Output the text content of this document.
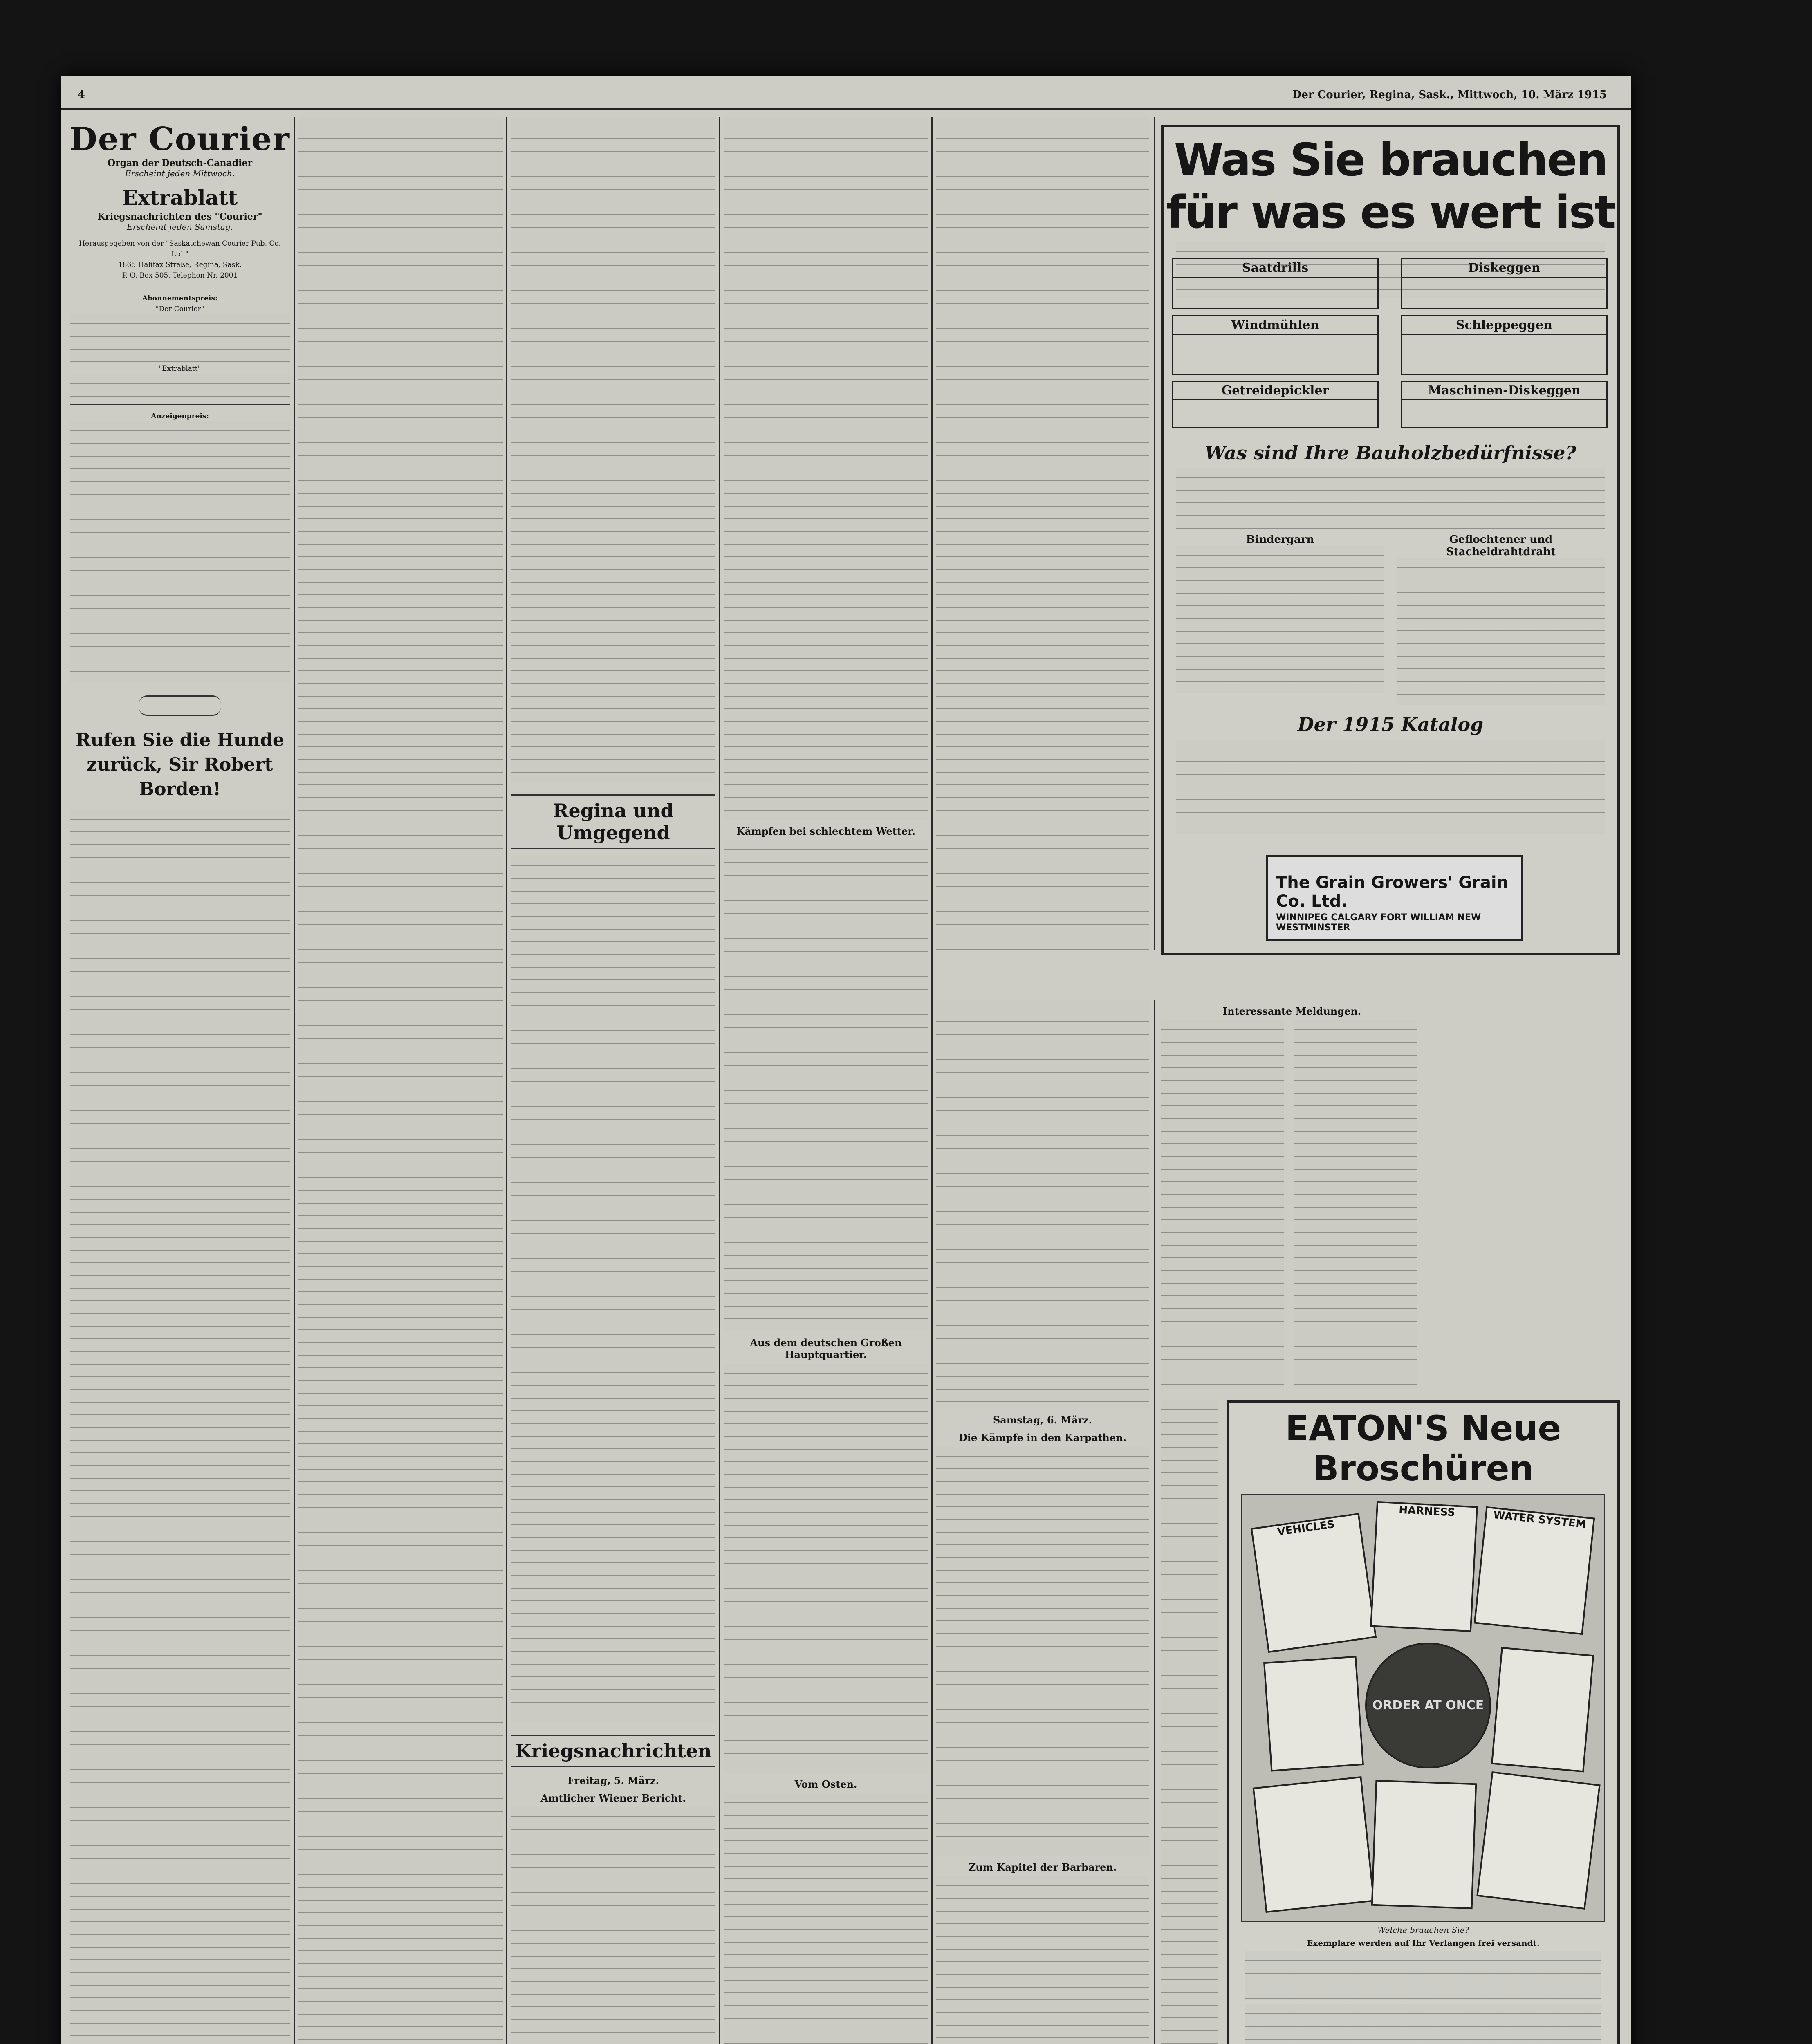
4	Der Courier, Regina, Sask., Mittwoch, 10. März 1915
Der Courier
Organ der Deutsch-Canadier
Erscheint jeden Mittwoch.
Extrablatt
Kriegsnachrichten des "Courier"
Erscheint jeden Samstag.
Herausgegeben von der "Saskatchewan Courier Pub. Co. Ltd."
1865 Halifax Straße, Regina, Sask.
P. O. Box 505, Telephon Nr. 2001
Abonnementspreis:
"Der Courier"
"Extrablatt"
Anzeigenpreis:
Rufen Sie die Hunde zurück, Sir Robert Borden!
Regina und Umgegend
Kriegsnachrichten
Freitag, 5. März.
Amtlicher Wiener Bericht.
Kämpfen bei schlechtem Wetter.
Aus dem deutschen Großen Hauptquartier.
Vom Osten.
Was Sie brauchen für was es wert ist
Saatdrills	Diskeggen
Windmühlen	Schleppeggen
Getreidepickler	Maschinen-Diskeggen
Was sind Ihre Bauholzbedürfnisse?
Bindergarn	Geflochtener und Stacheldrahtdraht
Der 1915 Katalog
The Grain Growers' Grain Co. Ltd.
WINNIPEG CALGARY FORT WILLIAM NEW WESTMINSTER
Samstag, 6. März.
Die Kämpfe in den Karpathen.
Zum Kapitel der Barbaren.
Interessante Meldungen.

EATON'S Neue Broschüren
VEHICLES
HARNESS	WATER SYSTEM
ORDER AT ONCE
Welche brauchen Sie?
Exemplare werden auf Ihr Verlangen frei versandt.
